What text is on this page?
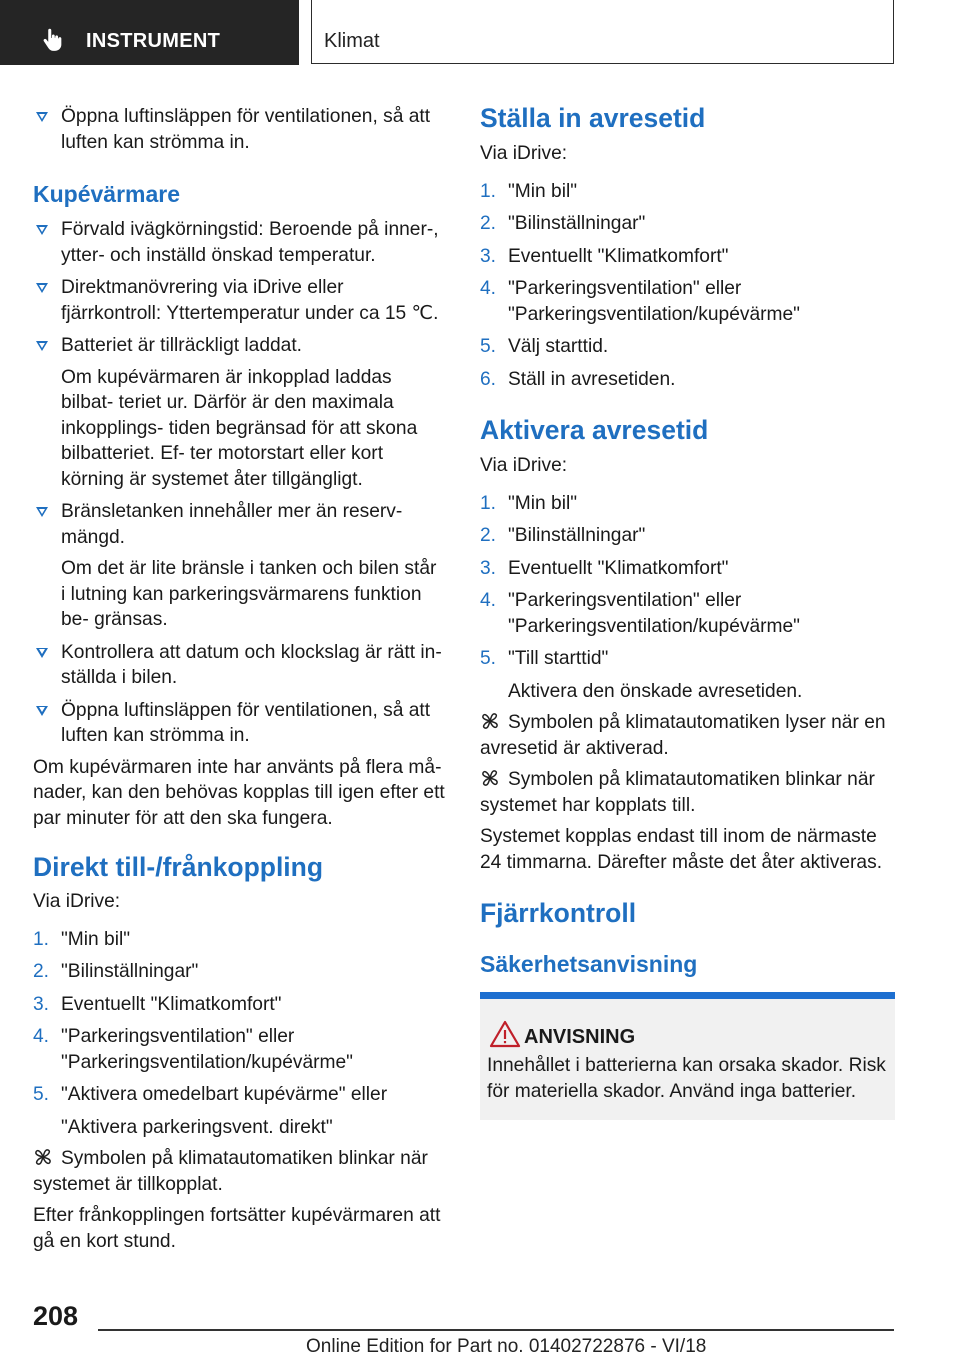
INSTRUMENT	Klimat
Öppna luftinsläppen för ventilationen, så att luften kan strömma in.
Kupévärmare
Förvald ivägkörningstid: Beroende på inner-, ytter- och inställd önskad temperatur.
Direktmanövrering via iDrive eller fjärrkontroll: Yttertemperatur under ca 15 ℃.
Batteriet är tillräckligt laddat.

Om kupévärmaren är inkopplad laddas bilbat- teriet ur. Därför är den maximala inkopplings- tiden begränsad för att skona bilbatteriet. Ef- ter motorstart eller kort körning är systemet åter tillgängligt.

Bränsletanken innehåller mer än reserv- mängd.

Om det är lite bränsle i tanken och bilen står i lutning kan parkeringsvärmarens funktion be- gränsas.

Kontrollera att datum och klockslag är rätt in- ställda i bilen.
Öppna luftinsläppen för ventilationen, så att luften kan strömma in.

Om kupévärmaren inte har använts på flera må- nader, kan den behövas kopplas till igen efter ett par minuter för att den ska fungera.

Direkt till-/frånkoppling

Via iDrive:

1. "Min bil"
2. "Bilinställningar"
3. Eventuellt "Klimatkomfort"
4. "Parkeringsventilation" eller "Parkeringsventilation/kupévärme"
5. "Aktivera omedelbart kupévärme" eller

"Aktivera parkeringsvent. direkt"

Symbolen på klimatautomatiken blinkar när systemet är tillkopplat.

Efter frånkopplingen fortsätter kupévärmaren att gå en kort stund.

Ställa in avresetid

Via iDrive:

1. "Min bil"
2. "Bilinställningar"
3. Eventuellt "Klimatkomfort"
4. "Parkeringsventilation" eller "Parkeringsventilation/kupévärme"
5. Välj starttid.
6. Ställ in avresetiden.
Aktivera avresetid

Via iDrive:

1. "Min bil"
2. "Bilinställningar"
3. Eventuellt "Klimatkomfort"
4. "Parkeringsventilation" eller "Parkeringsventilation/kupévärme"
5. "Till starttid"

Aktivera den önskade avresetiden.

Symbolen på klimatautomatiken lyser när en avresetid är aktiverad.

Symbolen på klimatautomatiken blinkar när systemet har kopplats till.

Systemet kopplas endast till inom de närmaste 24 timmarna. Därefter måste det åter aktiveras.

Fjärrkontroll
Säkerhetsanvisning
ANVISNING

Innehållet i batterierna kan orsaka skador. Risk för materiella skador. Använd inga batterier.

208
Online Edition for Part no. 01402722876 - VI/18
